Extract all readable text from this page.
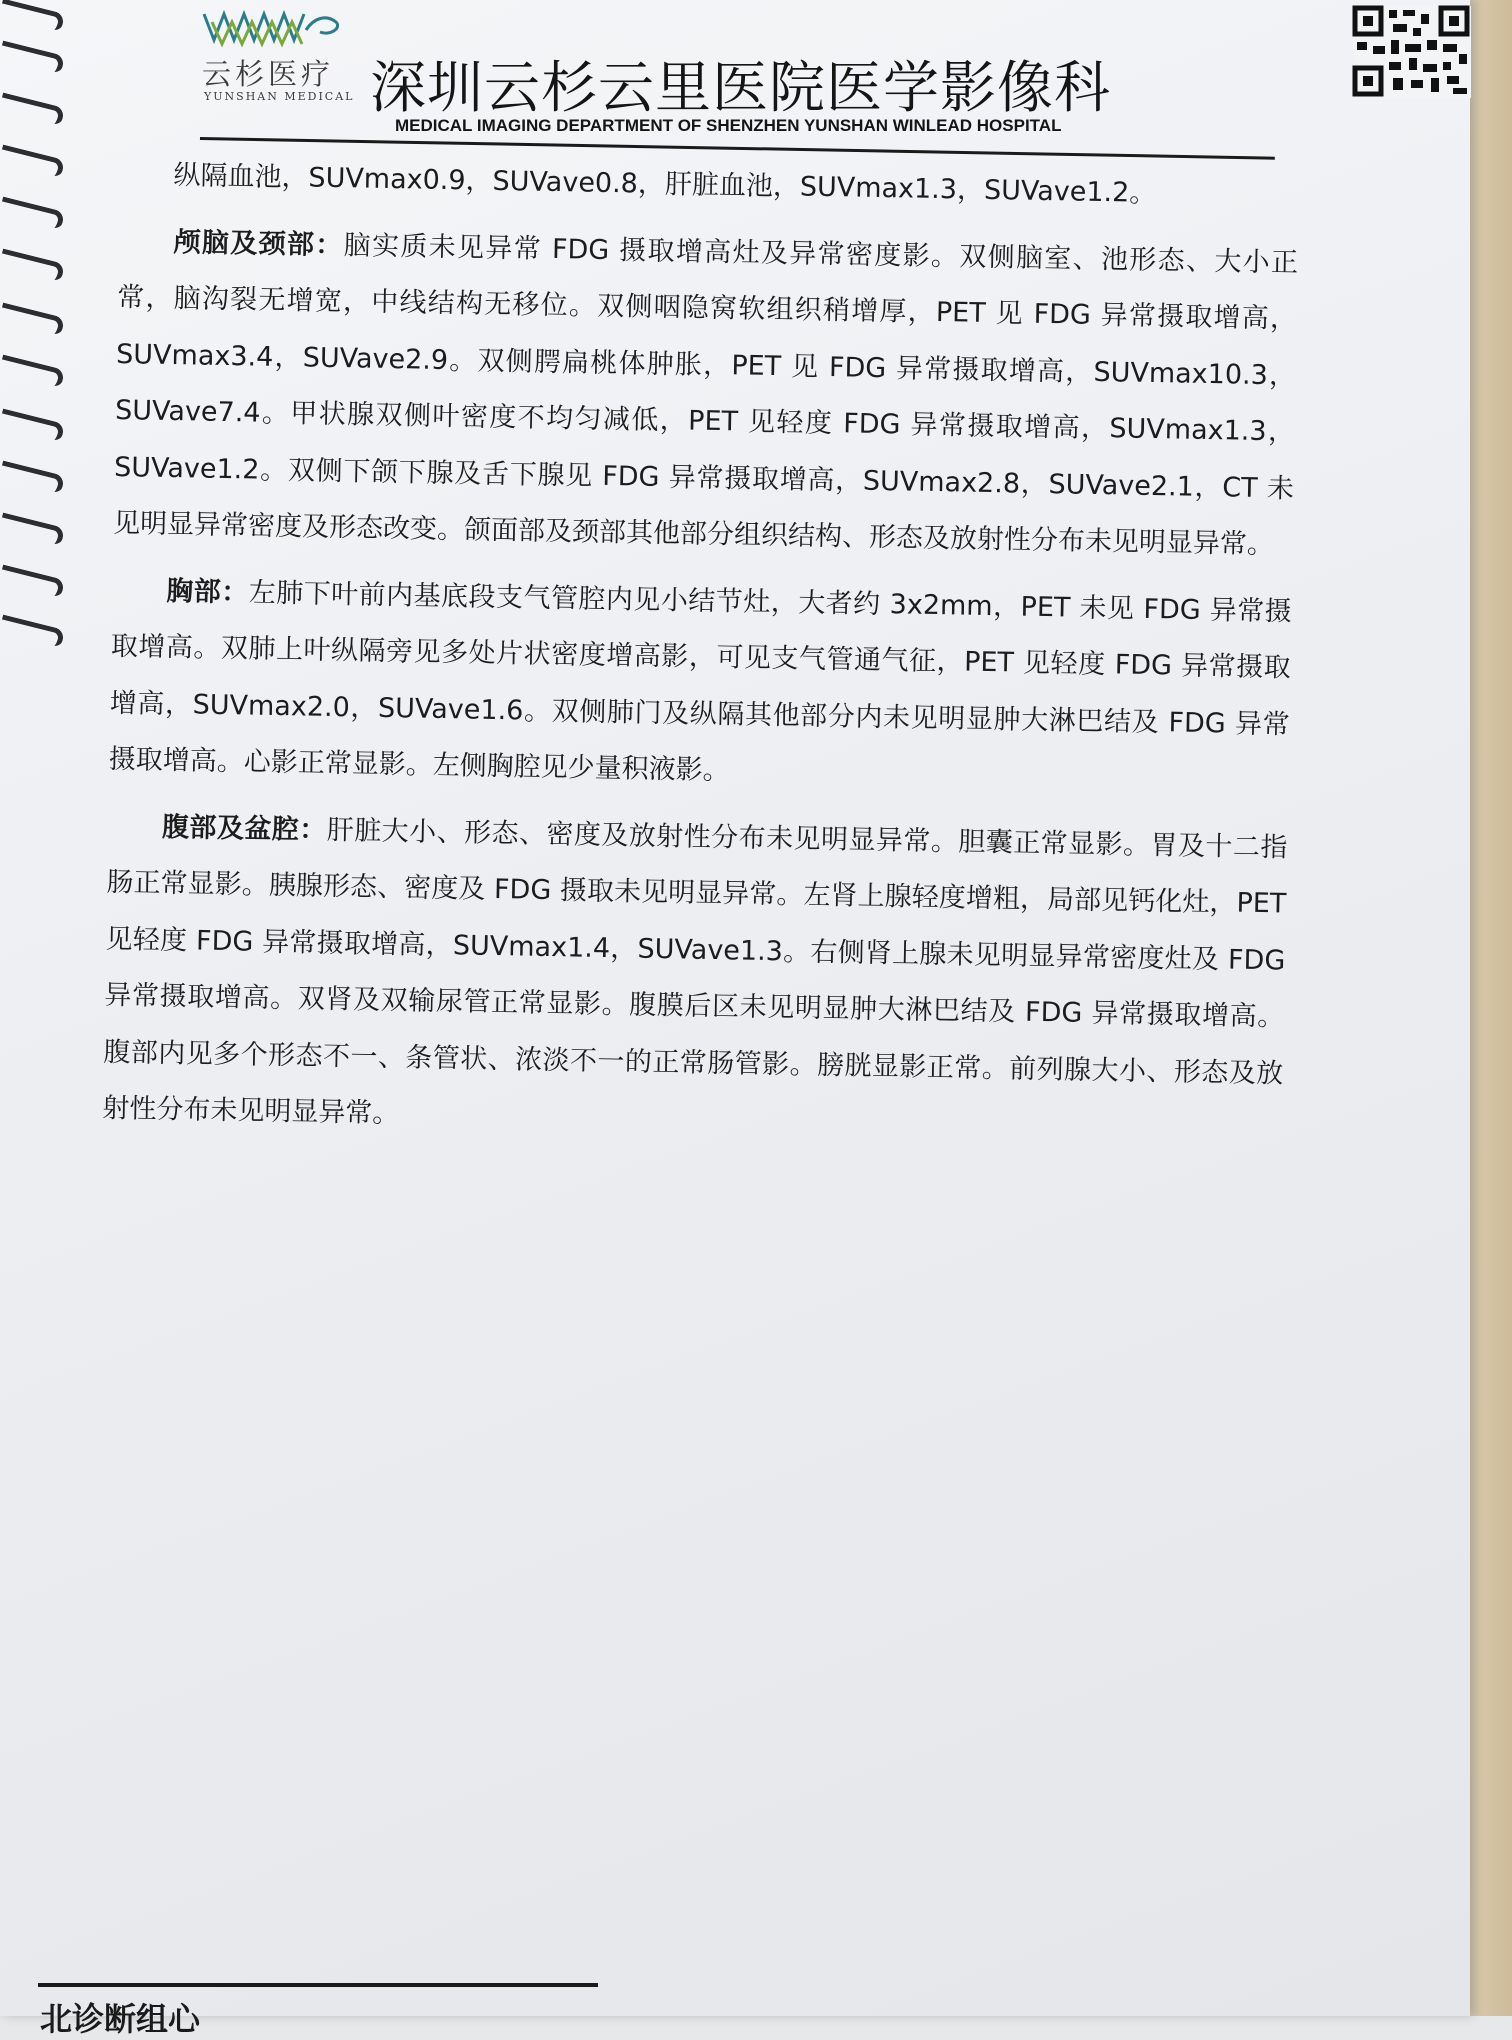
云杉医疗
YUNSHAN MEDICAL 深圳云杉云里医院医学影像科
MEDICAL IMAGING DEPARTMENT OF SHENZHEN YUNSHAN WINLEAD HOSPITAL

纵隔血池，SUVmax0.9，SUVave0.8，肝脏血池，SUVmax1.3，SUVave1.2。

颅脑及颈部：脑实质未见异常 FDG 摄取增高灶及异常密度影。双侧脑室、池形态、大小正常，脑沟裂无增宽，中线结构无移位。双侧咽隐窝软组织稍增厚，PET 见 FDG 异常摄取增高，SUVmax3.4，SUVave2.9。双侧腭扁桃体肿胀，PET 见 FDG 异常摄取增高，SUVmax10.3，SUVave7.4。甲状腺双侧叶密度不均匀减低，PET 见轻度 FDG 异常摄取增高，SUVmax1.3，SUVave1.2。双侧下颌下腺及舌下腺见 FDG 异常摄取增高，SUVmax2.8，SUVave2.1，CT 未见明显异常密度及形态改变。颌面部及颈部其他部分组织结构、形态及放射性分布未见明显异常。

胸部：左肺下叶前内基底段支气管腔内见小结节灶，大者约 3x2mm，PET 未见 FDG 异常摄取增高。双肺上叶纵隔旁见多处片状密度增高影，可见支气管通气征，PET 见轻度 FDG 异常摄取增高，SUVmax2.0，SUVave1.6。双侧肺门及纵隔其他部分内未见明显肿大淋巴结及 FDG 异常摄取增高。心影正常显影。左侧胸腔见少量积液影。

腹部及盆腔：肝脏大小、形态、密度及放射性分布未见明显异常。胆囊正常显影。胃及十二指肠正常显影。胰腺形态、密度及 FDG 摄取未见明显异常。左肾上腺轻度增粗，局部见钙化灶，PET 见轻度 FDG 异常摄取增高，SUVmax1.4，SUVave1.3。右侧肾上腺未见明显异常密度灶及 FDG 异常摄取增高。双肾及双输尿管正常显影。腹膜后区未见明显肿大淋巴结及 FDG 异常摄取增高。腹部内见多个形态不一、条管状、浓淡不一的正常肠管影。膀胱显影正常。前列腺大小、形态及放射性分布未见明显异常。

北诊断组心
